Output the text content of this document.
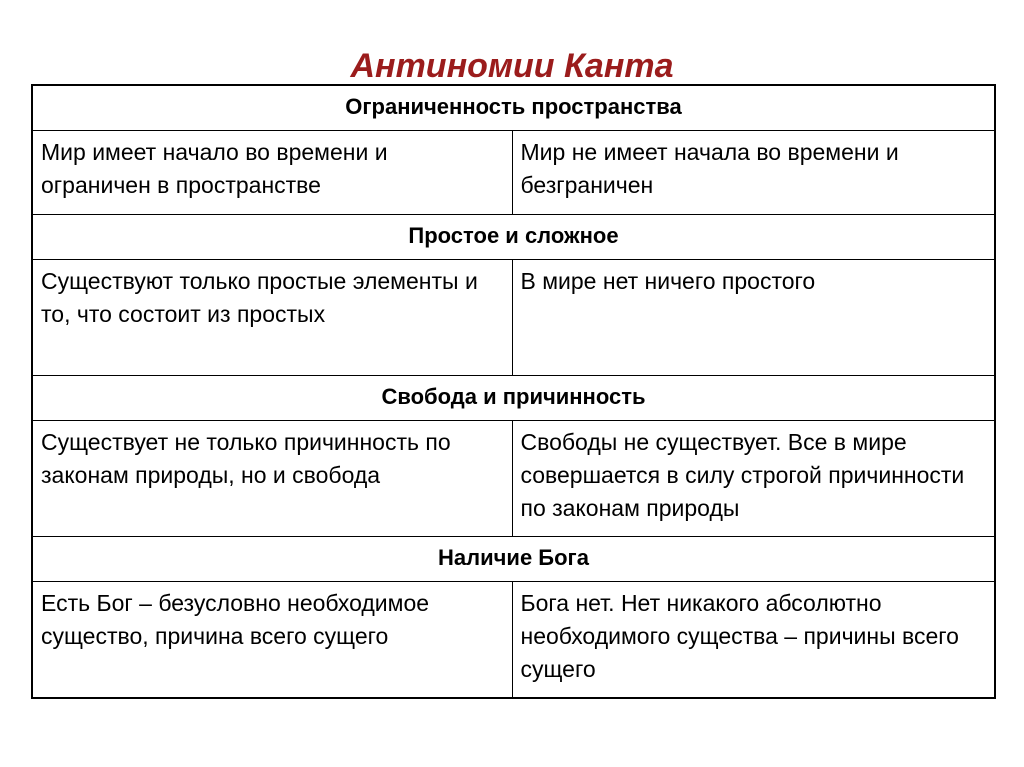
Антиномии Канта
Ограниченность пространства	
Мир имеет начало во времени и ограничен в пространстве	Мир не имеет начала во времени и безграничен
Простое и сложное	
Существуют только простые элементы и то, что состоит из простых	В мире нет ничего простого
Свобода и причинность	
Существует не только причинность по законам природы, но и свобода	Свободы не существует. Все в мире совершается в силу строгой причинности по законам природы
Наличие Бога	
Есть Бог – безусловно необходимое существо, причина всего сущего	Бога нет. Нет никакого абсолютно необходимого существа – причины всего сущего
